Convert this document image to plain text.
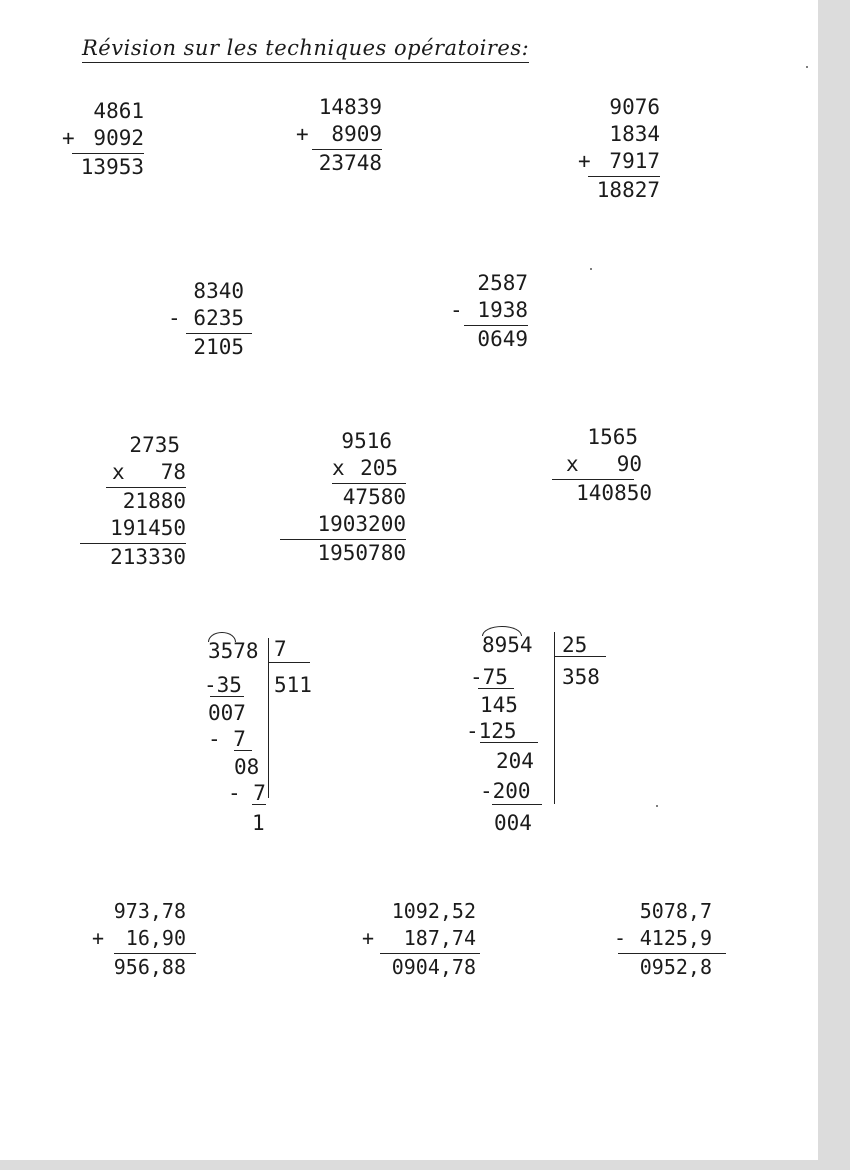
Révision sur les techniques opératoires:
4861
+ 9092
13953
14839
+ 8909
23748
9076
1834
+ 7917
18827
8340
- 6235
2105
2587
- 1938
0649
2735
x 78
21880
191450
213330
9516
x 205
47580
1903200
1950780
1565
x 90
140850
3578 7
511
-35
007
- 7
08
- 7
1
8954 25
358
-75
145
-125
204
-200
004
973,78
+ 16,90
956,88
1092,52
+ 187,74
0904,78
5078,7
- 4125,9
0952,8
